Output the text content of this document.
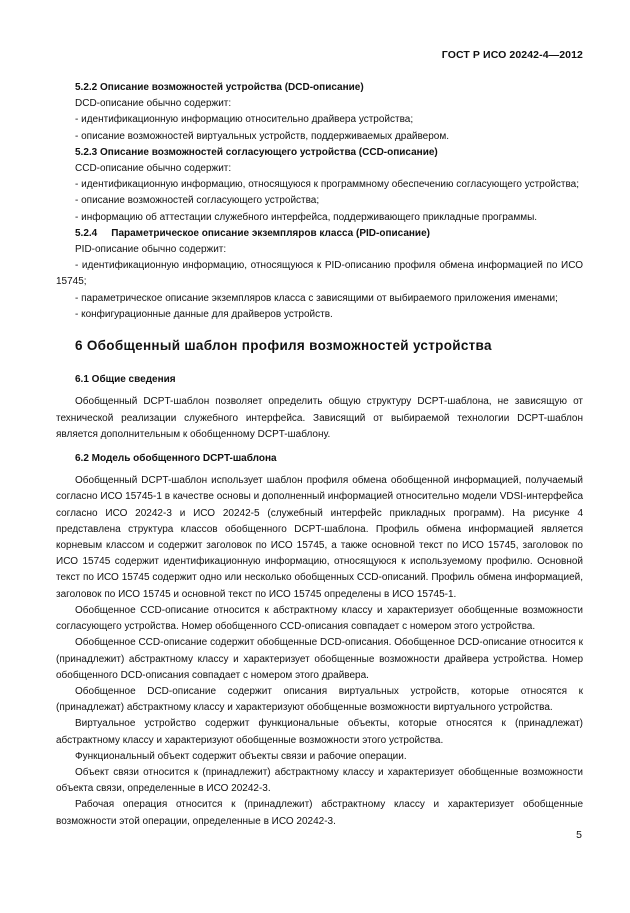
ГОСТ Р ИСО 20242-4—2012

5.2.2 Описание возможностей устройства (DCD-описание)

DCD-описание обычно содержит:

- идентификационную информацию относительно драйвера устройства;

- описание возможностей виртуальных устройств, поддерживаемых драйвером.

5.2.3 Описание возможностей согласующего устройства (CCD-описание)

CCD-описание обычно содержит:

- идентификационную информацию, относящуюся к программному обеспечению согласующего устройства;

- описание возможностей согласующего устройства;

- информацию об аттестации служебного интерфейса, поддерживающего прикладные программы.

5.2.4 Параметрическое описание экземпляров класса (PID-описание)

PID-описание обычно содержит:

- идентификационную информацию, относящуюся к PID-описанию профиля обмена информацией по ИСО 15745;

- параметрическое описание экземпляров класса с зависящими от выбираемого приложения именами;

- конфигурационные данные для драйверов устройств.

6 Обобщенный шаблон профиля возможностей устройства

6.1 Общие сведения

Обобщенный DCPT-шаблон позволяет определить общую структуру DCPT-шаблона, не зависящую от технической реализации служебного интерфейса. Зависящий от выбираемой технологии DCPT-шаблон является дополнительным к обобщенному DCPT-шаблону.

6.2 Модель обобщенного DCPT-шаблона

Обобщенный DCPT-шаблон использует шаблон профиля обмена обобщенной информацией, получаемый согласно ИСО 15745-1 в качестве основы и дополненный информацией относительно модели VDSI-интерфейса согласно ИСО 20242-3 и ИСО 20242-5 (служебный интерфейс прикладных программ). На рисунке 4 представлена структура классов обобщенного DCPT-шаблона. Профиль обмена информацией является корневым классом и содержит заголовок по ИСО 15745, а также основной текст по ИСО 15745, заголовок по ИСО 15745 содержит идентификационную информацию, относящуюся к используемому профилю. Основной текст по ИСО 15745 содержит одно или несколько обобщенных CCD-описаний. Профиль обмена информацией, заголовок по ИСО 15745 и основной текст по ИСО 15745 определены в ИСО 15745-1.

Обобщенное CCD-описание относится к абстрактному классу и характеризует обобщенные возможности согласующего устройства. Номер обобщенного CCD-описания совпадает с номером этого устройства.

Обобщенное CCD-описание содержит обобщенные DCD-описания. Обобщенное DCD-описание относится к (принадлежит) абстрактному классу и характеризует обобщенные возможности драйвера устройства. Номер обобщенного DCD-описания совпадает с номером этого драйвера.

Обобщенное DCD-описание содержит описания виртуальных устройств, которые относятся к (принадлежат) абстрактному классу и характеризуют обобщенные возможности виртуального устройства.

Виртуальное устройство содержит функциональные объекты, которые относятся к (принадлежат) абстрактному классу и характеризуют обобщенные возможности этого устройства.

Функциональный объект содержит объекты связи и рабочие операции.

Объект связи относится к (принадлежит) абстрактному классу и характеризует обобщенные возможности объекта связи, определенные в ИСО 20242-3.

Рабочая операция относится к (принадлежит) абстрактному классу и характеризует обобщенные возможности этой операции, определенные в ИСО 20242-3.

5
